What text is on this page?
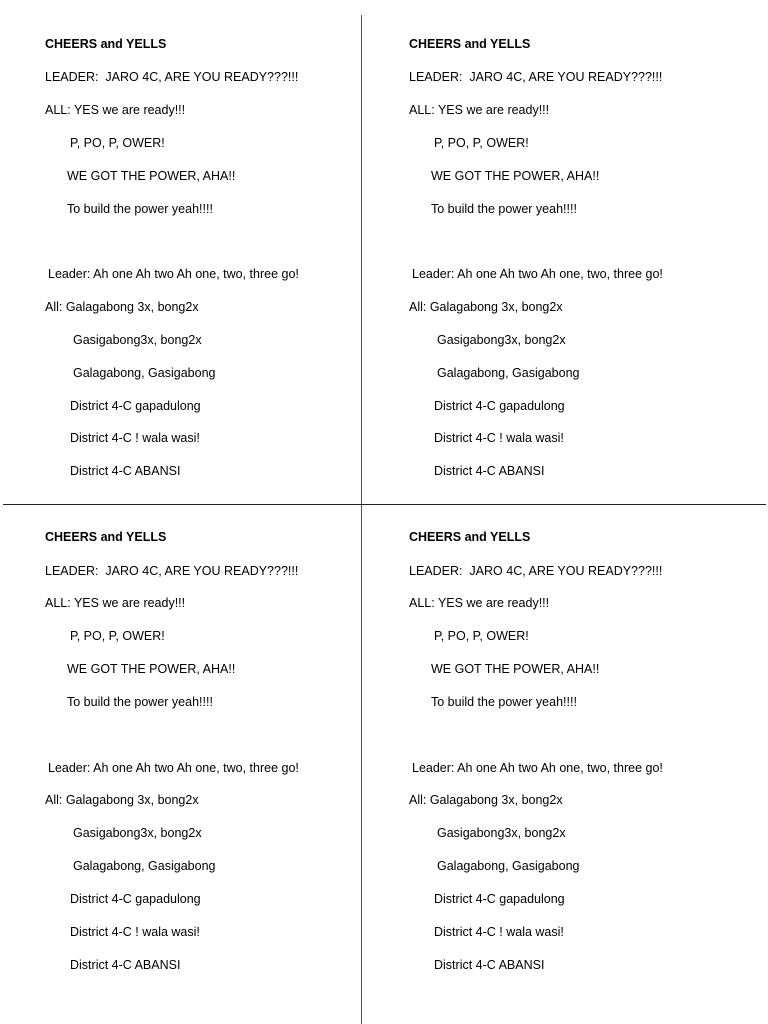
CHEERS and YELLS
LEADER:  JARO 4C, ARE YOU READY???!!!
ALL: YES we are ready!!!
P, PO, P, OWER!
WE GOT THE POWER, AHA!!
To build the power yeah!!!!
Leader: Ah one Ah two Ah one, two, three go!
All: Galagabong 3x, bong2x
Gasigabong3x, bong2x
Galagabong, Gasigabong
District 4-C gapadulong
District 4-C ! wala wasi!
District 4-C ABANSI
CHEERS and YELLS
LEADER:  JARO 4C, ARE YOU READY???!!!
ALL: YES we are ready!!!
P, PO, P, OWER!
WE GOT THE POWER, AHA!!
To build the power yeah!!!!
Leader: Ah one Ah two Ah one, two, three go!
All: Galagabong 3x, bong2x
Gasigabong3x, bong2x
Galagabong, Gasigabong
District 4-C gapadulong
District 4-C ! wala wasi!
District 4-C ABANSI
CHEERS and YELLS
LEADER:  JARO 4C, ARE YOU READY???!!!
ALL: YES we are ready!!!
P, PO, P, OWER!
WE GOT THE POWER, AHA!!
To build the power yeah!!!!
Leader: Ah one Ah two Ah one, two, three go!
All: Galagabong 3x, bong2x
Gasigabong3x, bong2x
Galagabong, Gasigabong
District 4-C gapadulong
District 4-C ! wala wasi!
District 4-C ABANSI
CHEERS and YELLS
LEADER:  JARO 4C, ARE YOU READY???!!!
ALL: YES we are ready!!!
P, PO, P, OWER!
WE GOT THE POWER, AHA!!
To build the power yeah!!!!
Leader: Ah one Ah two Ah one, two, three go!
All: Galagabong 3x, bong2x
Gasigabong3x, bong2x
Galagabong, Gasigabong
District 4-C gapadulong
District 4-C ! wala wasi!
District 4-C ABANSI
